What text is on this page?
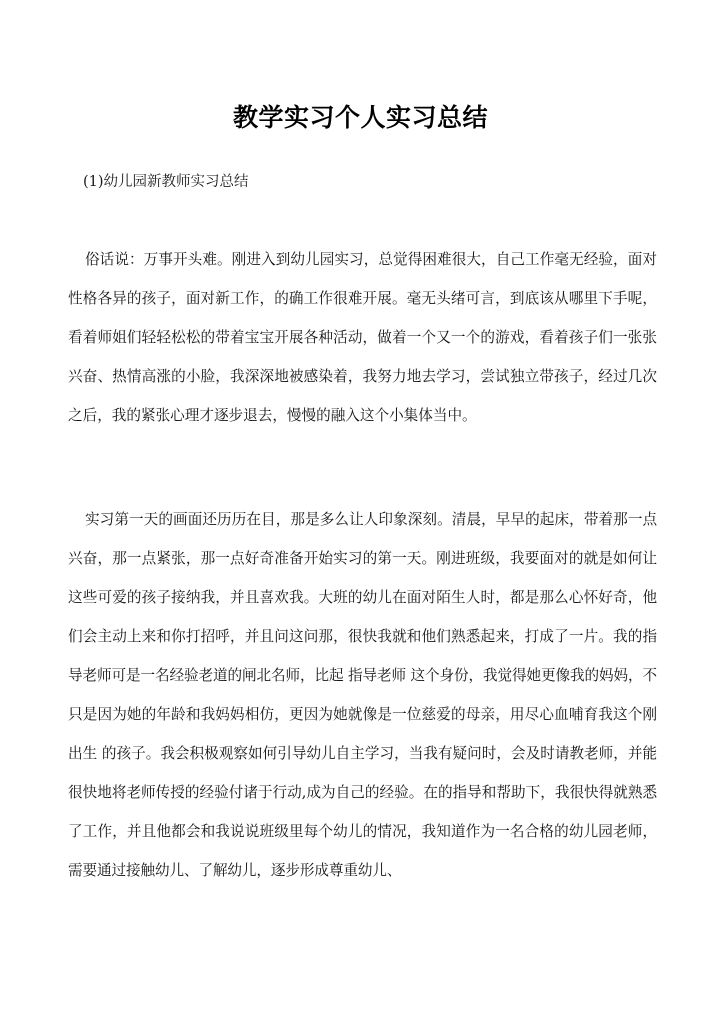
教学实习个人实习总结
(1)幼儿园新教师实习总结

俗话说：万事开头难。刚进入到幼儿园实习，总觉得困难很大，自己工作毫无经验，面对性格各异的孩子，面对新工作，的确工作很难开展。毫无头绪可言，到底该从哪里下手呢，看着师姐们轻轻松松的带着宝宝开展各种活动，做着一个又一个的游戏，看着孩子们一张张兴奋、热情高涨的小脸，我深深地被感染着，我努力地去学习，尝试独立带孩子，经过几次之后，我的紧张心理才逐步退去，慢慢的融入这个小集体当中。

实习第一天的画面还历历在目，那是多么让人印象深刻。清晨，早早的起床，带着那一点兴奋，那一点紧张，那一点好奇准备开始实习的第一天。刚进班级，我要面对的就是如何让这些可爱的孩子接纳我，并且喜欢我。大班的幼儿在面对陌生人时，都是那么心怀好奇，他们会主动上来和你打招呼，并且问这问那，很快我就和他们熟悉起来，打成了一片。我的指导老师可是一名经验老道的闸北名师，比起 指导老师 这个身份，我觉得她更像我的妈妈，不只是因为她的年龄和我妈妈相仿，更因为她就像是一位慈爱的母亲，用尽心血哺育我这个刚 出生 的孩子。我会积极观察如何引导幼儿自主学习，当我有疑问时，会及时请教老师，并能很快地将老师传授的经验付诸于行动,成为自己的经验。在的指导和帮助下，我很快得就熟悉了工作，并且他都会和我说说班级里每个幼儿的情况，我知道作为一名合格的幼儿园老师，需要通过接触幼儿、了解幼儿，逐步形成尊重幼儿、
